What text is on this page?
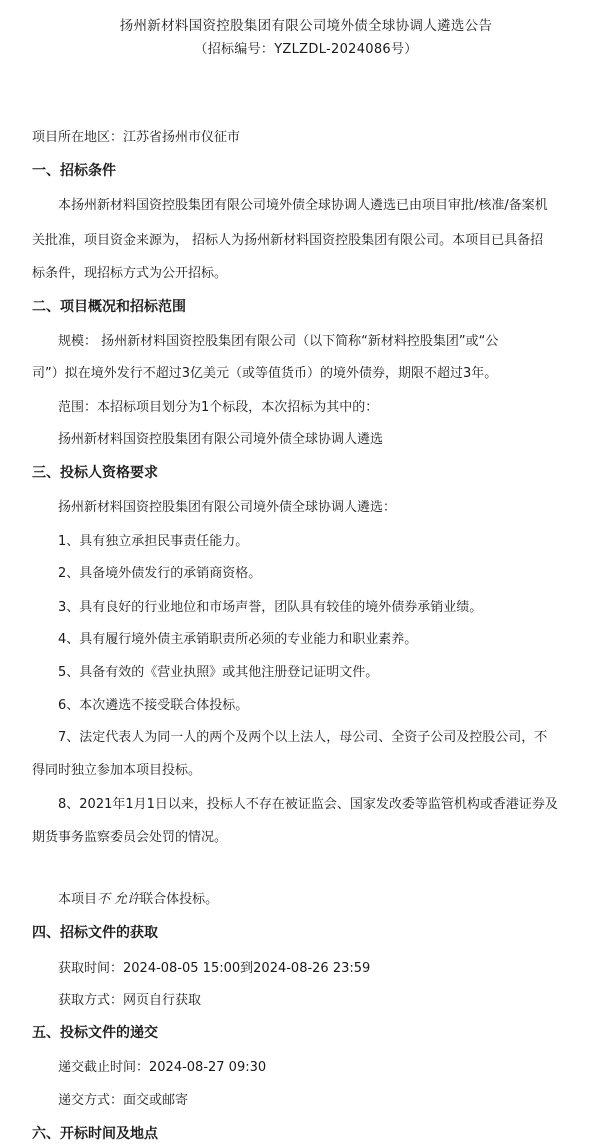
扬州新材料国资控股集团有限公司境外债全球协调人遴选公告
（招标编号：YZLZDL-2024086号）
项目所在地区：江苏省扬州市仪征市
一、招标条件
本扬州新材料国资控股集团有限公司境外债全球协调人遴选已由项目审批/核准/备案机
关批准，项目资金来源为， 招标人为扬州新材料国资控股集团有限公司。本项目已具备招
标条件，现招标方式为公开招标。
二、项目概况和招标范围
规模： 扬州新材料国资控股集团有限公司（以下简称“新材料控股集团”或“公
司”）拟在境外发行不超过3亿美元（或等值货币）的境外债券，期限不超过3年。
范围：本招标项目划分为1个标段，本次招标为其中的：
扬州新材料国资控股集团有限公司境外债全球协调人遴选
三、投标人资格要求
扬州新材料国资控股集团有限公司境外债全球协调人遴选：
1、具有独立承担民事责任能力。
2、具备境外债发行的承销商资格。
3、具有良好的行业地位和市场声誉，团队具有较佳的境外债券承销业绩。
4、具有履行境外债主承销职责所必须的专业能力和职业素养。
5、具备有效的《营业执照》或其他注册登记证明文件。
6、本次遴选不接受联合体投标。
7、法定代表人为同一人的两个及两个以上法人，母公司、全资子公司及控股公司，不
得同时独立参加本项目投标。
8、2021年1月1日以来，投标人不存在被证监会、国家发改委等监管机构或香港证券及
期货事务监察委员会处罚的情况。
本项目不 允许联合体投标。
四、招标文件的获取
获取时间：2024-08-05 15:00到2024-08-26 23:59
获取方式：网页自行获取
五、投标文件的递交
递交截止时间：2024-08-27 09:30
递交方式：面交或邮寄
六、开标时间及地点
